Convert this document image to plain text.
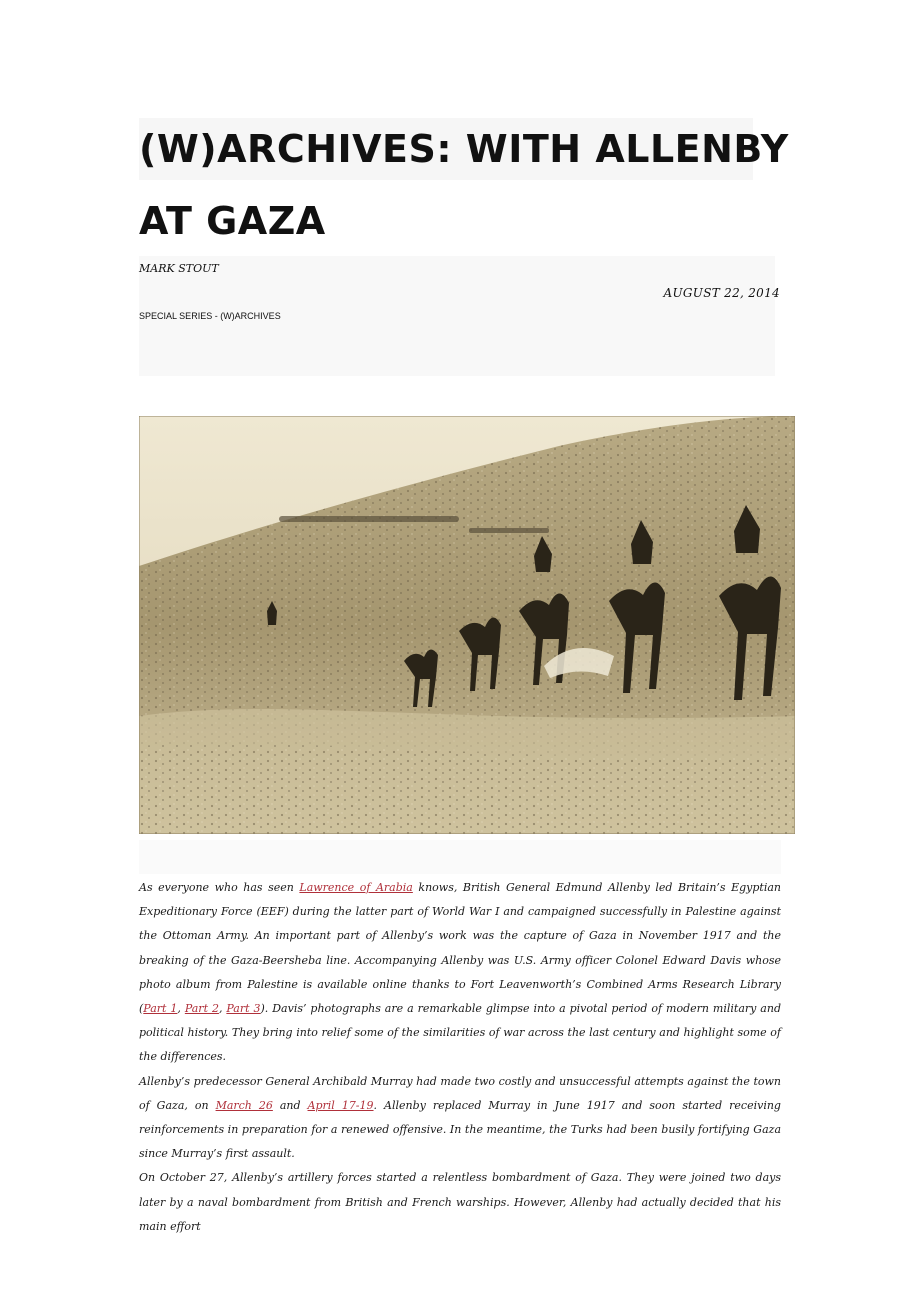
(W)ARCHIVES: WITH ALLENBY
AT GAZA
MARK STOUT
AUGUST 22, 2014
SPECIAL SERIES - (W)ARCHIVES

As everyone who has seen Lawrence of Arabia knows, British General Edmund Allenby led Britain’s Egyptian Expeditionary Force (EEF) during the latter part of World War I and campaigned successfully in Palestine against the Ottoman Army. An important part of Allenby’s work was the capture of Gaza in November 1917 and the breaking of the Gaza-Beersheba line. Accompanying Allenby was U.S. Army officer Colonel Edward Davis whose photo album from Palestine is available online thanks to Fort Leavenworth’s Combined Arms Research Library (Part 1, Part 2, Part 3). Davis’ photographs are a remarkable glimpse into a pivotal period of modern military and political history. They bring into relief some of the similarities of war across the last century and highlight some of the differences.

Allenby’s predecessor General Archibald Murray had made two costly and unsuccessful attempts against the town of Gaza, on March 26 and April 17-19. Allenby replaced Murray in June 1917 and soon started receiving reinforcements in preparation for a renewed offensive. In the meantime, the Turks had been busily fortifying Gaza since Murray’s first assault.

On October 27, Allenby’s artillery forces started a relentless bombardment of Gaza. They were joined two days later by a naval bombardment from British and French warships. However, Allenby had actually decided that his main effort
